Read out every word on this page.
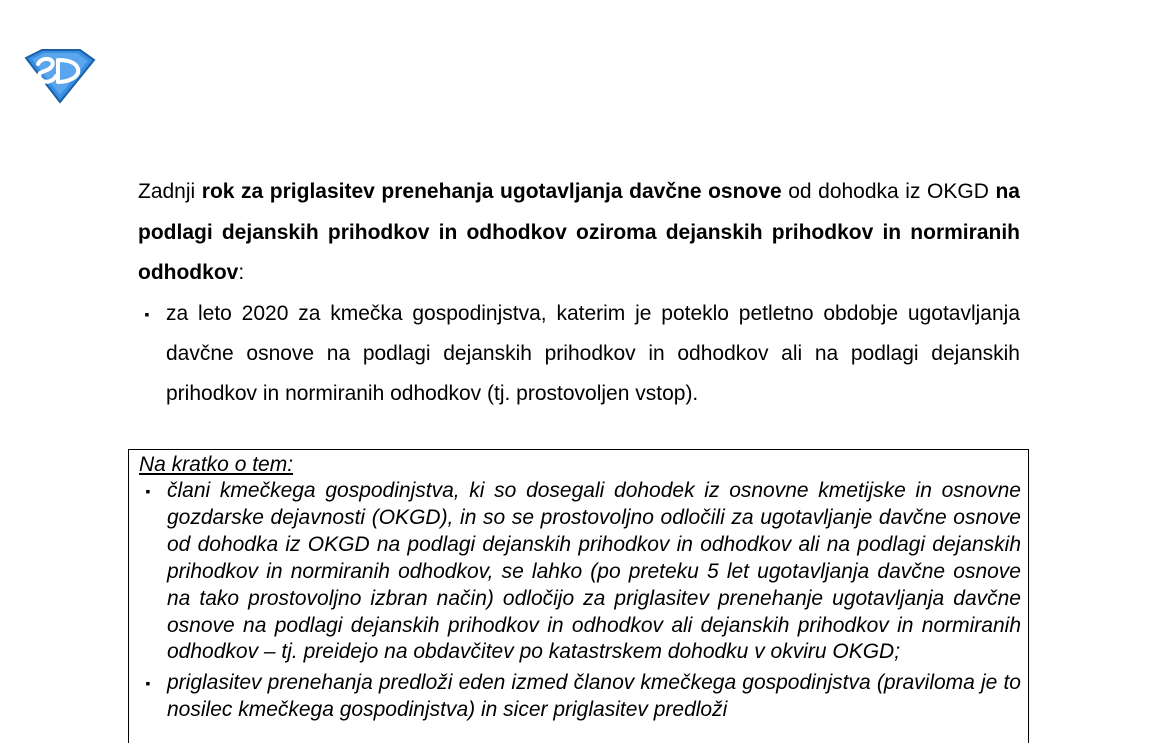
Zadnji rok za priglasitev prenehanja ugotavljanja davčne osnove od dohodka iz OKGD na podlagi dejanskih prihodkov in odhodkov oziroma dejanskih prihodkov in normiranih odhodkov:

▪ za leto 2020 za kmečka gospodinjstva, katerim je poteklo petletno obdobje ugotavljanja davčne osnove na podlagi dejanskih prihodkov in odhodkov ali na podlagi dejanskih prihodkov in normiranih odhodkov (tj. prostovoljen vstop).
Na kratko o tem:
▪ člani kmečkega gospodinjstva, ki so dosegali dohodek iz osnovne kmetijske in osnovne gozdarske dejavnosti (OKGD), in so se prostovoljno odločili za ugotavljanje davčne osnove od dohodka iz OKGD na podlagi dejanskih prihodkov in odhodkov ali na podlagi dejanskih prihodkov in normiranih odhodkov, se lahko (po preteku 5 let ugotavljanja davčne osnove na tako prostovoljno izbran način) odločijo za priglasitev prenehanje ugotavljanja davčne osnove na podlagi dejanskih prihodkov in odhodkov ali dejanskih prihodkov in normiranih odhodkov – tj. preidejo na obdavčitev po katastrskem dohodku v okviru OKGD;
▪ priglasitev prenehanja predloži eden izmed članov kmečkega gospodinjstva (praviloma je to nosilec kmečkega gospodinjstva) in sicer priglasitev predloži
